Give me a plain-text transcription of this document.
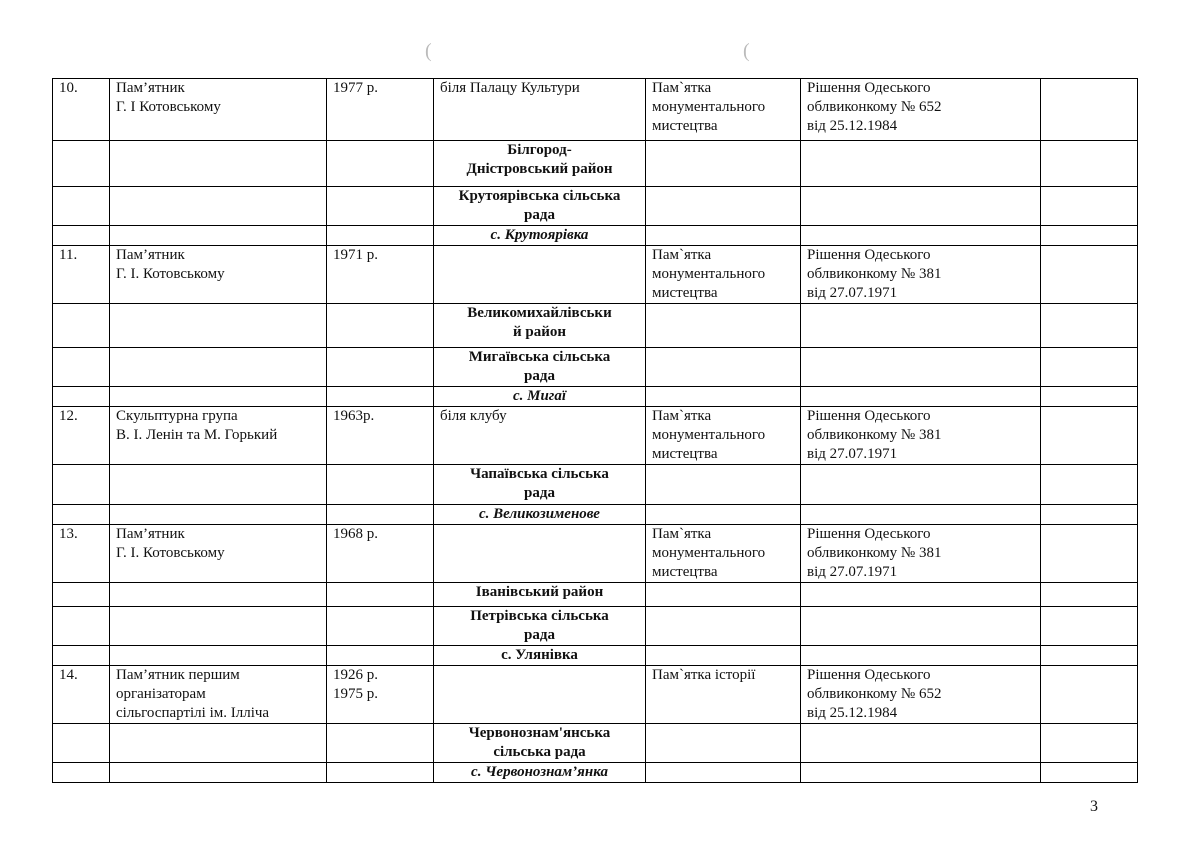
(	(
10.	Пам’ятник
Г. І Котовському	1977 р.	біля Палацу Культури	Пам`ятка
монументального
мистецтва	Рішення Одеського
облвиконкому № 652
від 25.12.1984	
			Білгород-
Дністровський район			
			Крутоярівська сільська
рада			
			с. Крутоярівка			
11.	Пам’ятник
Г. І. Котовському	1971 р.		Пам`ятка
монументального
мистецтва	Рішення Одеського
облвиконкому № 381
від 27.07.1971	
			Великомихайлівськи
й район			
			Мигаївська сільська
рада			
			с. Мигаї			
12.	Скульптурна група
В. І. Ленін та М. Горький	1963р.	біля клубу	Пам`ятка
монументального
мистецтва	Рішення Одеського
облвиконкому № 381
від 27.07.1971	
			Чапаївська сільська
рада			
			с. Великозименове			
13.	Пам’ятник
Г. І. Котовському	1968 р.		Пам`ятка
монументального
мистецтва	Рішення Одеського
облвиконкому № 381
від 27.07.1971	
			Іванівський район			
			Петрівська сільська
рада			
			с. Улянівка			
14.	Пам’ятник першим
організаторам
сільгоспартілі ім. Ілліча	1926 р.
1975 р.		Пам`ятка історії	Рішення Одеського
облвиконкому № 652
від 25.12.1984	
			Червонознам'янська
сільська рада			
			с. Червонознам’янка			
3
